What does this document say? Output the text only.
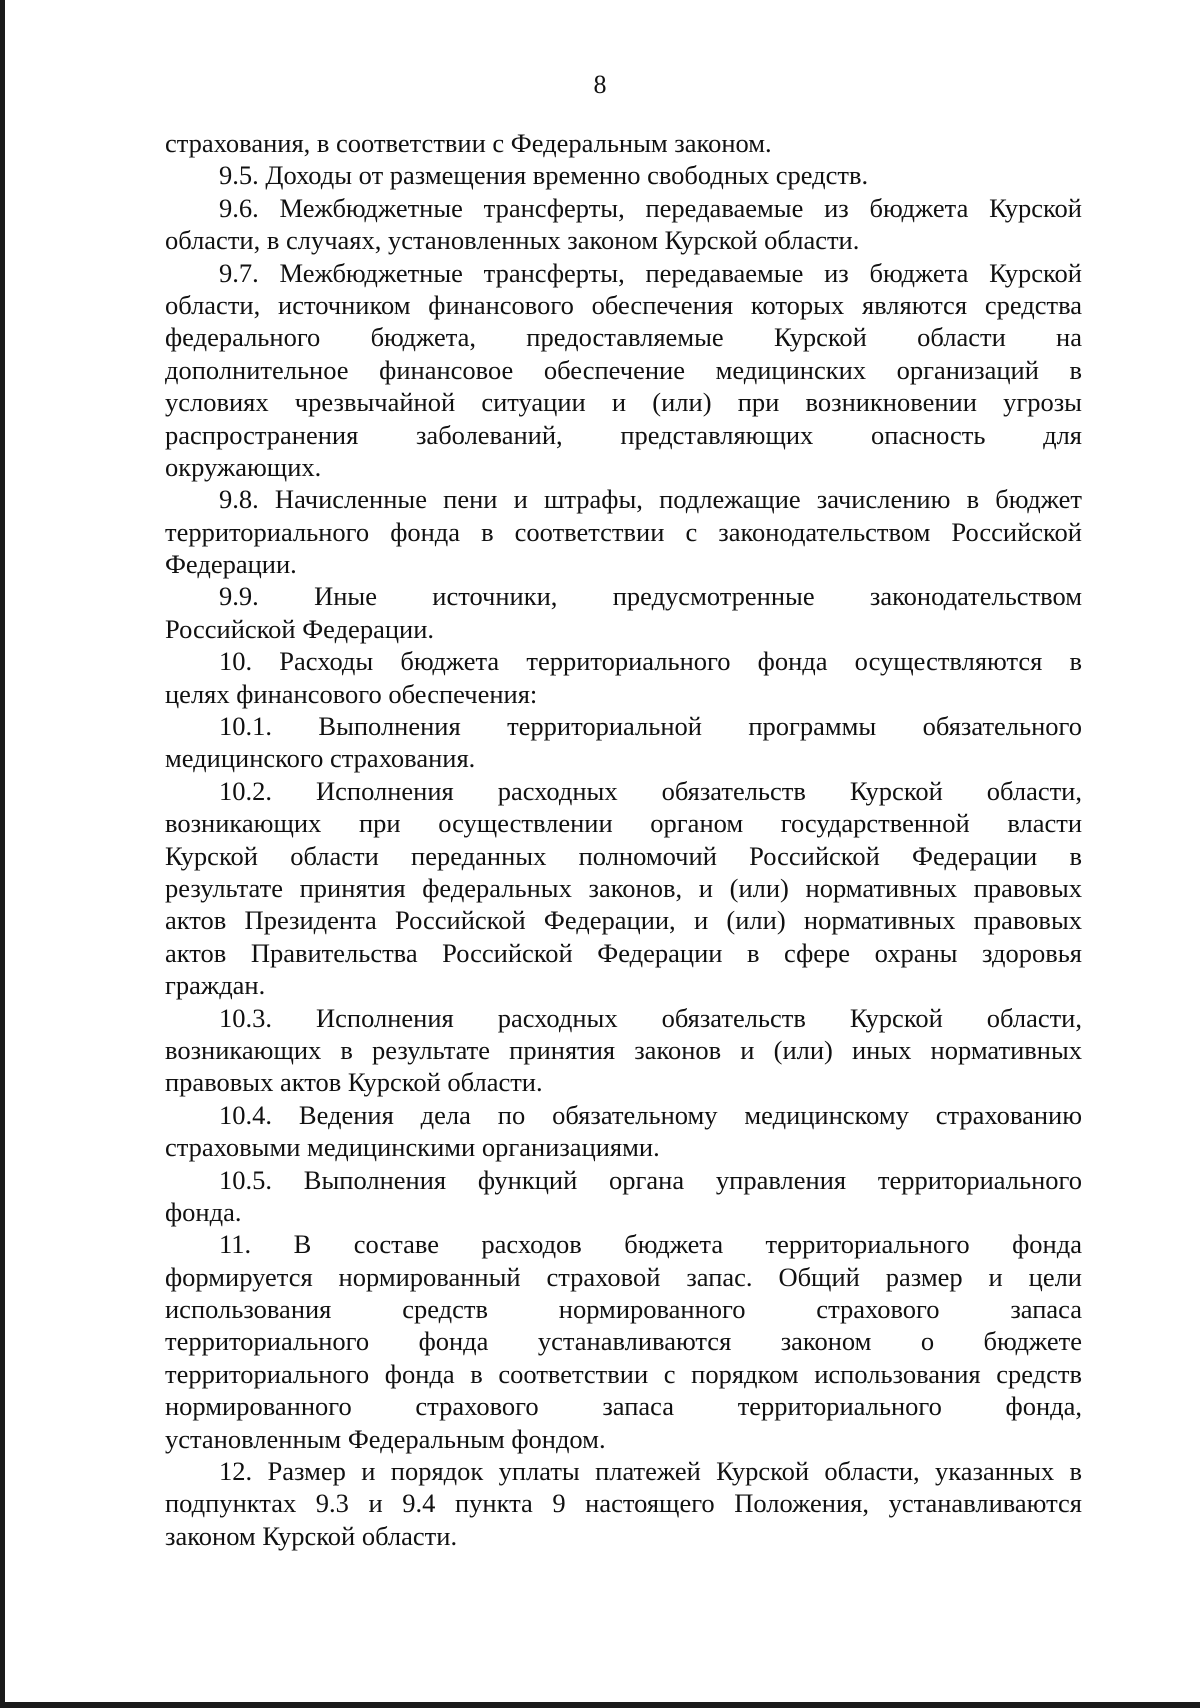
8
страхования, в соответствии с Федеральным законом.
9.5. Доходы от размещения временно свободных средств.
9.6. Межбюджетные трансферты, передаваемые из бюджета Курской
области, в случаях, установленных законом Курской области.
9.7. Межбюджетные трансферты, передаваемые из бюджета Курской
области, источником финансового обеспечения которых являются средства
федерального бюджета, предоставляемые Курской области на
дополнительное финансовое обеспечение медицинских организаций в
условиях чрезвычайной ситуации и (или) при возникновении угрозы
распространения заболеваний, представляющих опасность для
окружающих.
9.8. Начисленные пени и штрафы, подлежащие зачислению в бюджет
территориального фонда в соответствии с законодательством Российской
Федерации.
9.9. Иные источники, предусмотренные законодательством
Российской Федерации.
10. Расходы бюджета территориального фонда осуществляются в
целях финансового обеспечения:
10.1. Выполнения территориальной программы обязательного
медицинского страхования.
10.2. Исполнения расходных обязательств Курской области,
возникающих при осуществлении органом государственной власти
Курской области переданных полномочий Российской Федерации в
результате принятия федеральных законов, и (или) нормативных правовых
актов Президента Российской Федерации, и (или) нормативных правовых
актов Правительства Российской Федерации в сфере охраны здоровья
граждан.
10.3. Исполнения расходных обязательств Курской области,
возникающих в результате принятия законов и (или) иных нормативных
правовых актов Курской области.
10.4. Ведения дела по обязательному медицинскому страхованию
страховыми медицинскими организациями.
10.5. Выполнения функций органа управления территориального
фонда.
11. В составе расходов бюджета территориального фонда
формируется нормированный страховой запас. Общий размер и цели
использования средств нормированного страхового запаса
территориального фонда устанавливаются законом о бюджете
территориального фонда в соответствии с порядком использования средств
нормированного страхового запаса территориального фонда,
установленным Федеральным фондом.
12. Размер и порядок уплаты платежей Курской области, указанных в
подпунктах 9.3 и 9.4 пункта 9 настоящего Положения, устанавливаются
законом Курской области.
